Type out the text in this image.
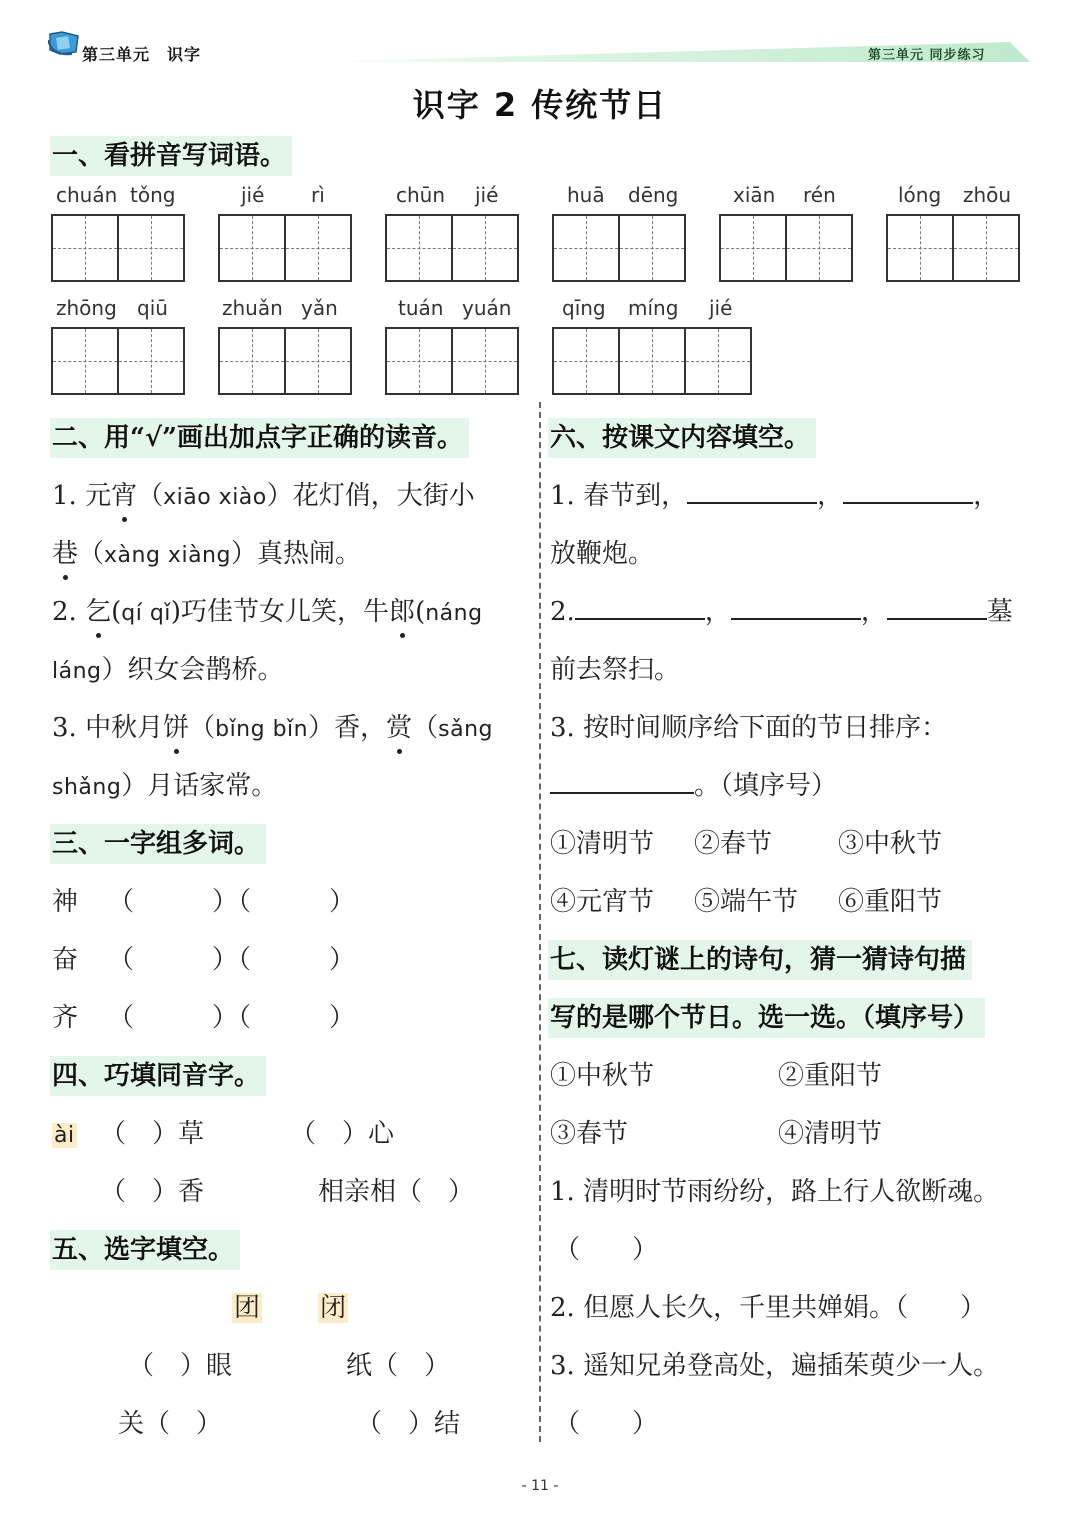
第三单元　识字	第三单元 同步练习
识字 2 传统节日
一、看拼音写词语。
chuán tǒng	jié rì	chūn jié	huā dēng	xiān rén	lóng zhōu
zhōng qiū	zhuǎn yǎn	tuán yuán	qīng míng jié
二、用“√”画出加点字正确的读音。
1. 元宵（xiāo xiào）花灯俏，大街小
巷（xàng xiàng）真热闹。
2. 乞(qí qǐ)巧佳节女儿笑，牛郎(náng
láng）织女会鹊桥。
3. 中秋月饼（bǐng bǐn）香，赏（sǎng
shǎng）月话家常。
三、一字组多词。
神 （　　　）（　　　）
奋 （　　　）（　　　）
齐 （　　　）（　　　）
四、巧填同音字。
ài （　）草	（　）心
（　）香	相亲相（　）
五、选字填空。
团 闭
（　）眼	纸（　）
关（　）	（　）结
六、按课文内容填空。
1. 春节到，	，	，
放鞭炮。
2.	，	，	墓
前去祭扫。
3. 按时间顺序给下面的节日排序：
。（填序号）
①清明节 ②春节	③中秋节
④元宵节 ⑤端午节 ⑥重阳节
七、读灯谜上的诗句，猜一猜诗句描
写的是哪个节日。选一选。（填序号）
①中秋节	②重阳节
③春节	④清明节
1. 清明时节雨纷纷，路上行人欲断魂。
（　　）
2. 但愿人长久，千里共婵娟。（　　）
3. 遥知兄弟登高处，遍插茱萸少一人。
（　　）
- 11 -
